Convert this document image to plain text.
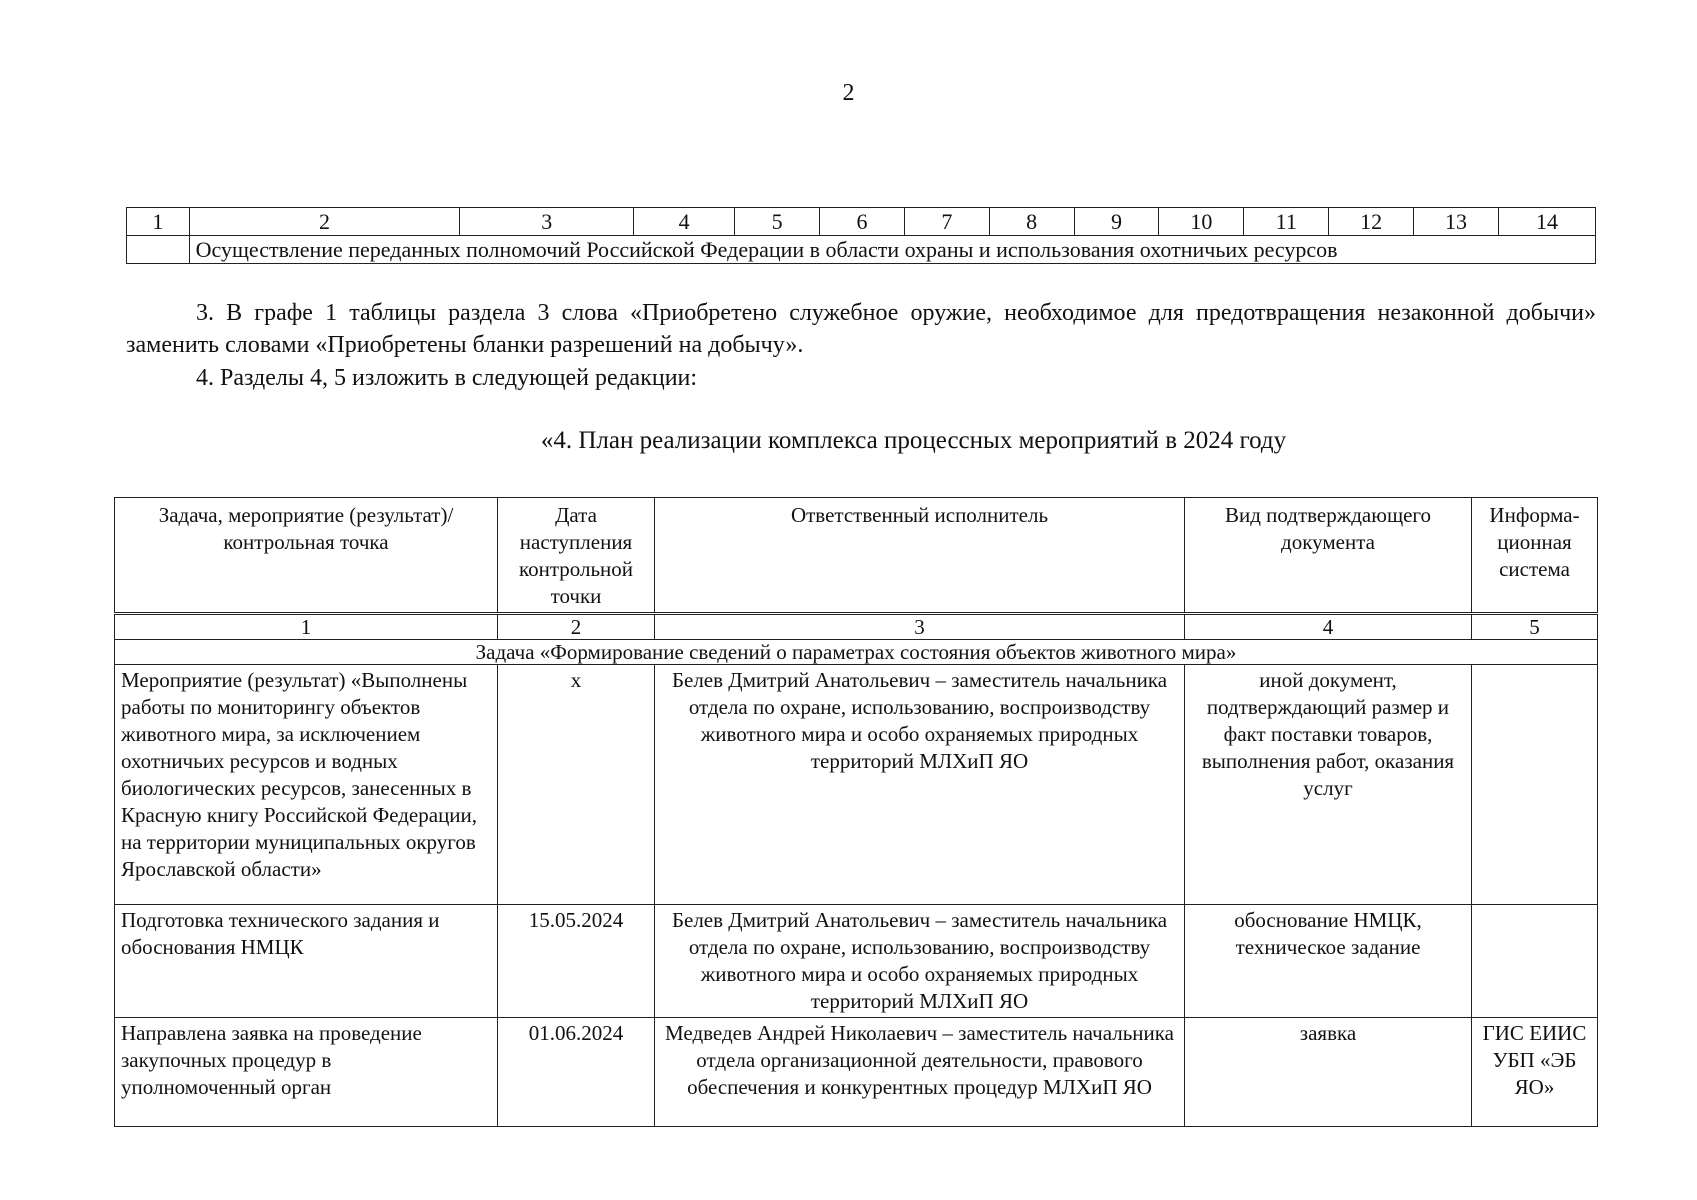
2
1	2	3	4	5	6	7	8	9	10	11	12	13	14
	Осуществление переданных полномочий Российской Федерации в области охраны и использования охотничьих ресурсов												
3. В графе 1 таблицы раздела 3 слова «Приобретено служебное оружие, необходимое для предотвращения незаконной добычи» заменить словами «Приобретены бланки разрешений на добычу».
4. Разделы 4, 5 изложить в следующей редакции:
«4. План реализации комплекса процессных мероприятий в 2024 году
Задача, мероприятие (результат)/ контрольная точка	Дата наступления контрольной точки	Ответственный исполнитель	Вид подтверждающего документа	Информа-ционная система
1	2	3	4	5
Задача «Формирование сведений о параметрах состояния объектов животного мира»				
Мероприятие (результат) «Выполнены работы по мониторингу объектов животного мира, за исключением охотничьих ресурсов и водных биологических ресурсов, занесенных в Красную книгу Российской Федерации, на территории муниципальных округов Ярославской области»	х	Белев Дмитрий Анатольевич – заместитель начальника отдела по охране, использованию, воспроизводству животного мира и особо охраняемых природных территорий МЛХиП ЯО	иной документ, подтверждающий размер и факт поставки товаров, выполнения работ, оказания услуг	
Подготовка технического задания и обоснования НМЦК	15.05.2024	Белев Дмитрий Анатольевич – заместитель начальника отдела по охране, использованию, воспроизводству животного мира и особо охраняемых природных территорий МЛХиП ЯО	обоснование НМЦК, техническое задание	
Направлена заявка на проведение закупочных процедур в уполномоченный орган	01.06.2024	Медведев Андрей Николаевич – заместитель начальника отдела организационной деятельности, правового обеспечения и конкурентных процедур МЛХиП ЯО	заявка	ГИС ЕИИС УБП «ЭБ ЯО»
